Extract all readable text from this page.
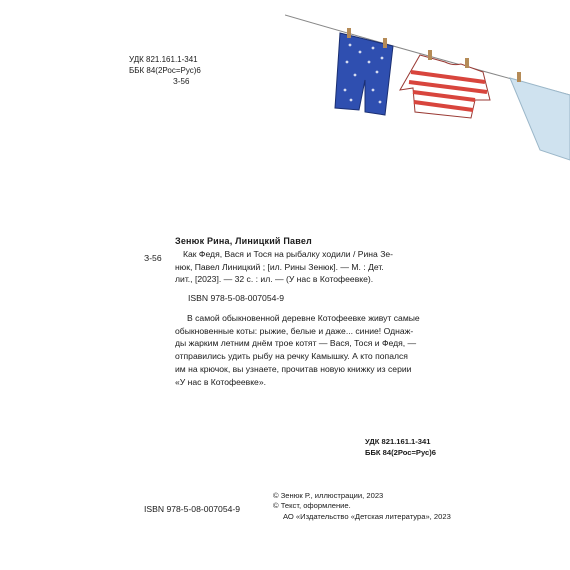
УДК 821.161.1-341
ББК 84(2Рос=Рус)6
З-56
Зенюк Рина, Линицкий Павел
З-56	Как Федя, Вася и Тося на рыбалку ходили / Рина Зе-
нюк, Павел Линицкий ; [ил. Рины Зенюк]. — М. : Дет.
лит., [2023]. — 32 с. : ил. — (У нас в Котофеевке).
ISBN 978-5-08-007054-9
В самой обыкновенной деревне Котофеевке живут самые
обыкновенные коты: рыжие, белые и даже... синие! Однаж-
ды жарким летним днём трое котят — Вася, Тося и Федя, —
отправились удить рыбу на речку Камышку. А кто попался
им на крючок, вы узнаете, прочитав новую книжку из серии
«У нас в Котофеевке».
УДК 821.161.1-341
ББК 84(2Рос=Рус)6
ISBN 978-5-08-007054-9
© Зенюк Р., иллюстрации, 2023
© Текст, оформление.
АО «Издательство «Детская литература», 2023
